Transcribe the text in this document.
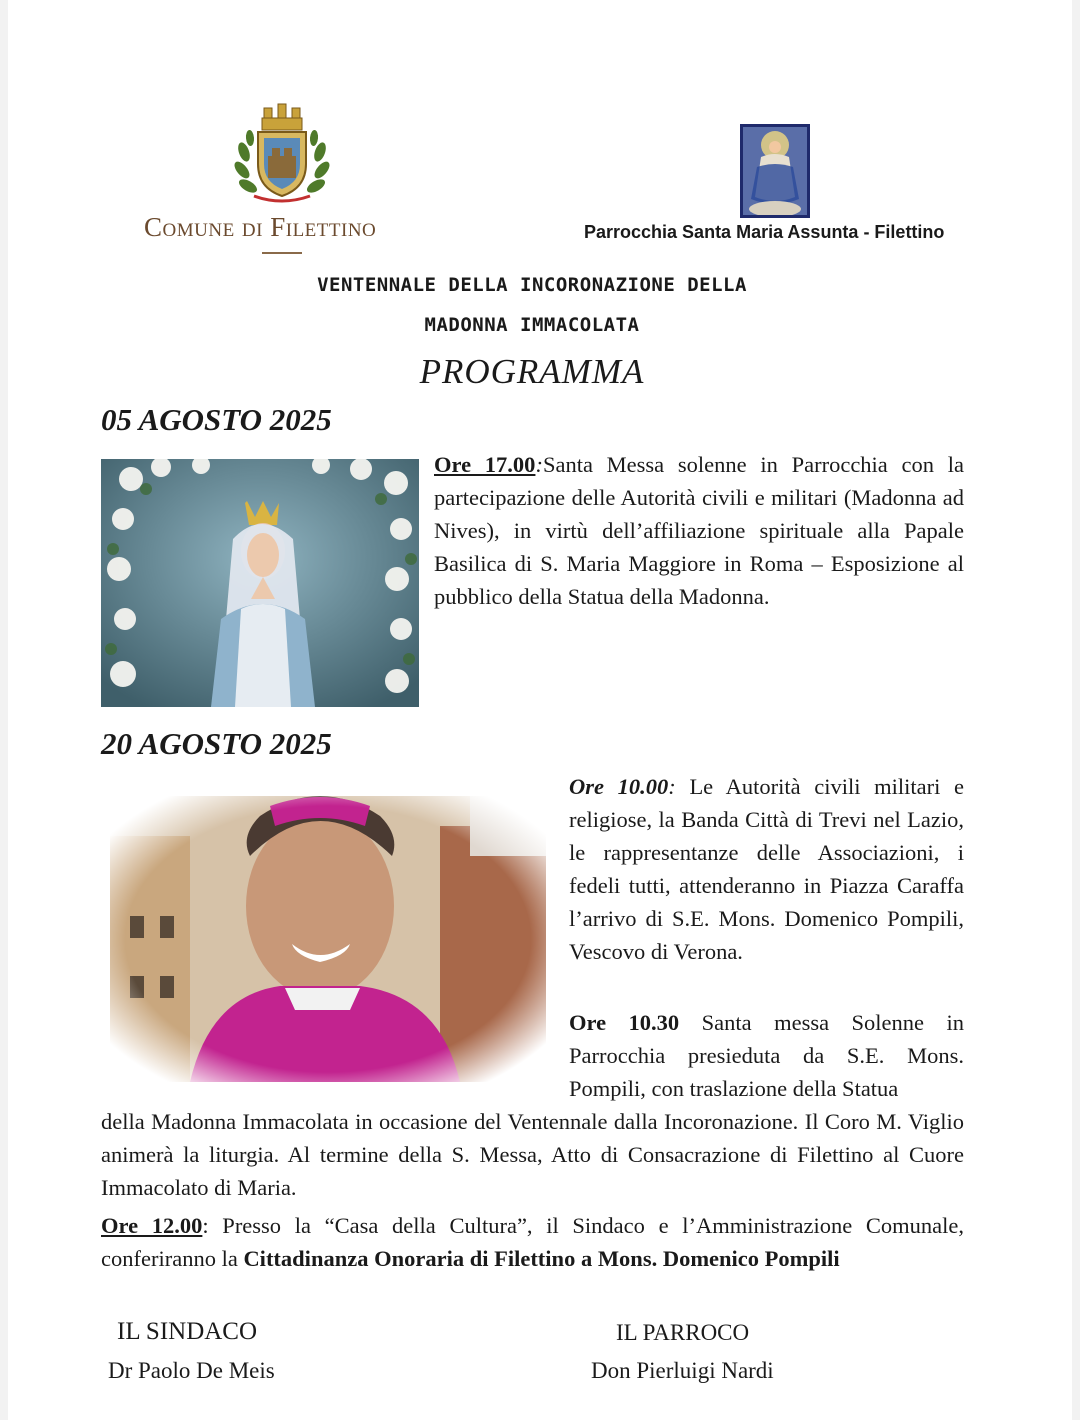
Comune di Filettino	Parrocchia Santa Maria Assunta - Filettino
VENTENNALE DELLA INCORONAZIONE DELLA
MADONNA IMMACOLATA
PROGRAMMA
05 AGOSTO 2025
Ore 17.00:Santa Messa solenne in Parrocchia con la partecipazione delle Autorità civili e militari (Madonna ad Nives), in virtù dell’affiliazione spirituale alla Papale Basilica di S. Maria Maggiore in Roma – Esposizione al pubblico della Statua della Madonna.
20 AGOSTO 2025
Ore 10.00: Le Autorità civili militari e religiose, la Banda Città di Trevi nel Lazio, le rappresentanze delle Associazioni, i fedeli tutti, attenderanno in Piazza Caraffa l’arrivo di S.E. Mons. Domenico Pompili, Vescovo di Verona.
Ore 10.30 Santa messa Solenne in Parrocchia presieduta da S.E. Mons. Pompili, con traslazione della Statua
della Madonna Immacolata in occasione del Ventennale dalla Incoronazione. Il Coro M. Viglio animerà la liturgia. Al termine della S. Messa, Atto di Consacrazione di Filettino al Cuore Immacolato di Maria.
Ore 12.00: Presso la “Casa della Cultura”, il Sindaco e l’Amministrazione Comunale, conferiranno la Cittadinanza Onoraria di Filettino a Mons. Domenico Pompili
IL SINDACO
Dr Paolo De Meis
IL PARROCO
Don Pierluigi Nardi
